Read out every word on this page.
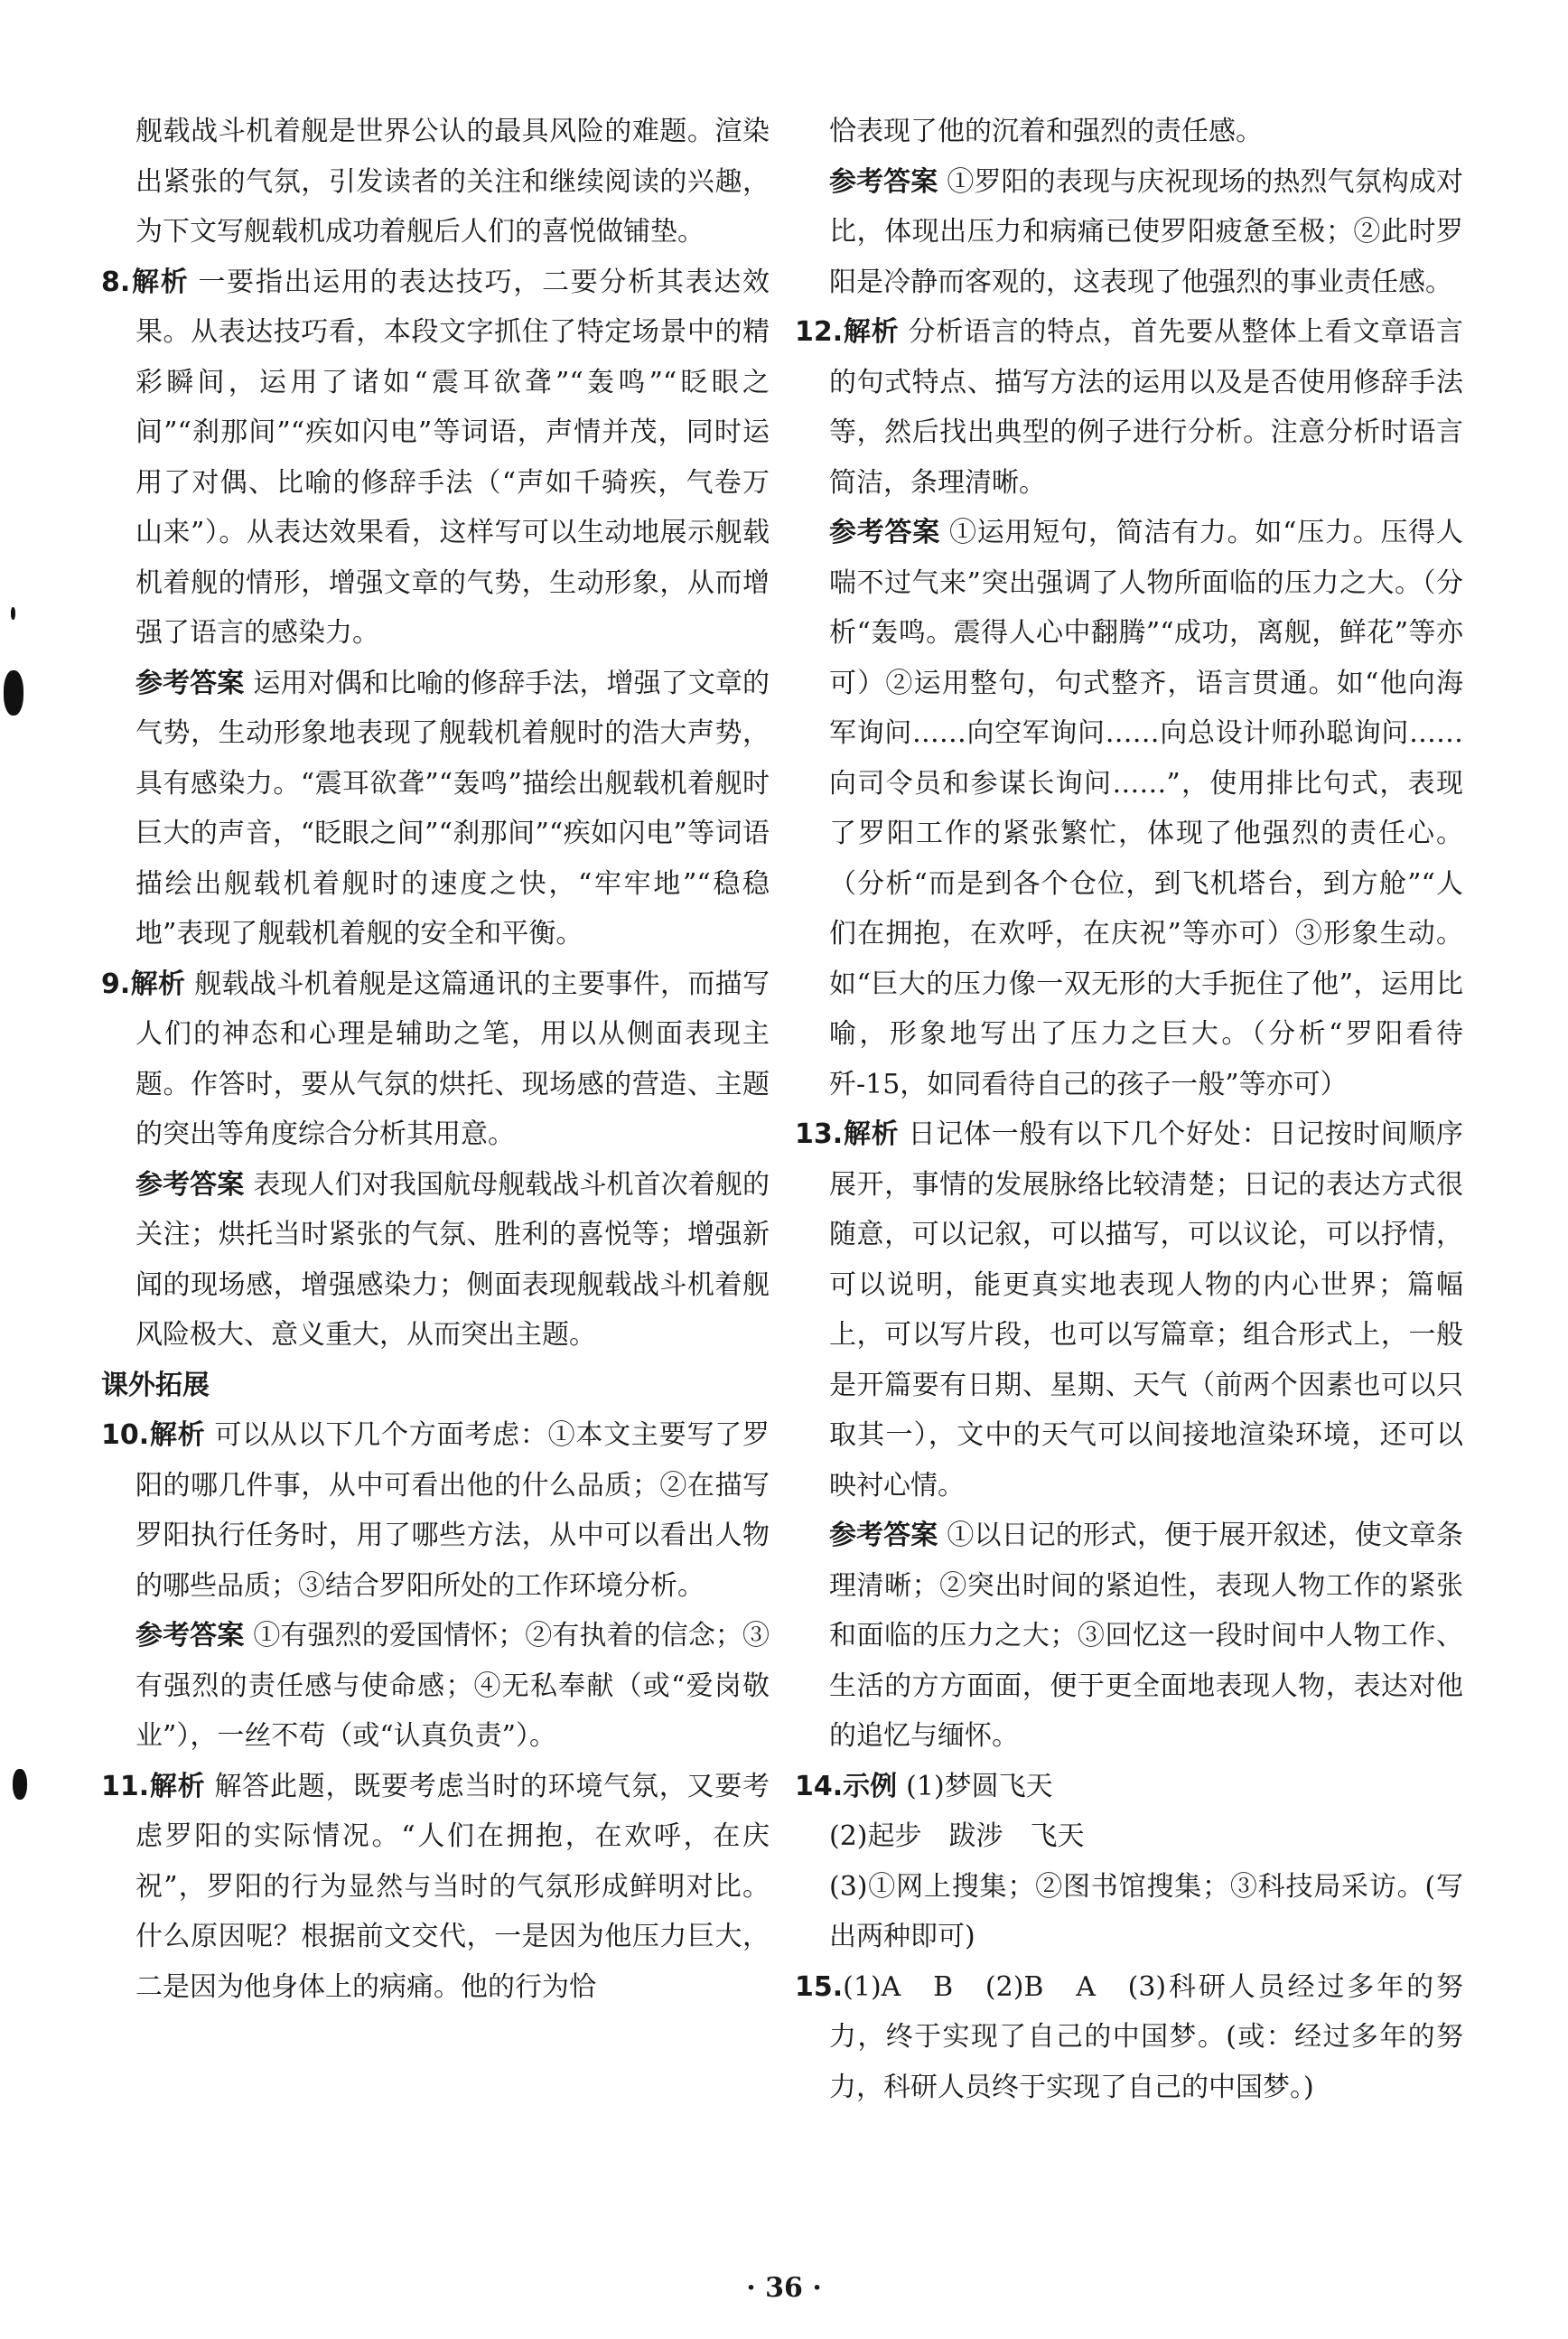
舰载战斗机着舰是世界公认的最具风险的难题。渲染出紧张的气氛，引发读者的关注和继续阅读的兴趣，为下文写舰载机成功着舰后人们的喜悦做铺垫。

8.解析 一要指出运用的表达技巧，二要分析其表达效果。从表达技巧看，本段文字抓住了特定场景中的精彩瞬间，运用了诸如“震耳欲聋”“轰鸣”“眨眼之间”“刹那间”“疾如闪电”等词语，声情并茂，同时运用了对偶、比喻的修辞手法（“声如千骑疾，气卷万山来”）。从表达效果看，这样写可以生动地展示舰载机着舰的情形，增强文章的气势，生动形象，从而增强了语言的感染力。

参考答案 运用对偶和比喻的修辞手法，增强了文章的气势，生动形象地表现了舰载机着舰时的浩大声势，具有感染力。“震耳欲聋”“轰鸣”描绘出舰载机着舰时巨大的声音，“眨眼之间”“刹那间”“疾如闪电”等词语描绘出舰载机着舰时的速度之快，“牢牢地”“稳稳地”表现了舰载机着舰的安全和平衡。

9.解析 舰载战斗机着舰是这篇通讯的主要事件，而描写人们的神态和心理是辅助之笔，用以从侧面表现主题。作答时，要从气氛的烘托、现场感的营造、主题的突出等角度综合分析其用意。

参考答案 表现人们对我国航母舰载战斗机首次着舰的关注；烘托当时紧张的气氛、胜利的喜悦等；增强新闻的现场感，增强感染力；侧面表现舰载战斗机着舰风险极大、意义重大，从而突出主题。

课外拓展

10.解析 可以从以下几个方面考虑：①本文主要写了罗阳的哪几件事，从中可看出他的什么品质；②在描写罗阳执行任务时，用了哪些方法，从中可以看出人物的哪些品质；③结合罗阳所处的工作环境分析。

参考答案 ①有强烈的爱国情怀；②有执着的信念；③有强烈的责任感与使命感；④无私奉献（或“爱岗敬业”），一丝不苟（或“认真负责”）。

11.解析 解答此题，既要考虑当时的环境气氛，又要考虑罗阳的实际情况。“人们在拥抱，在欢呼，在庆祝”，罗阳的行为显然与当时的气氛形成鲜明对比。什么原因呢？根据前文交代，一是因为他压力巨大，二是因为他身体上的病痛。他的行为恰

恰表现了他的沉着和强烈的责任感。

参考答案 ①罗阳的表现与庆祝现场的热烈气氛构成对比，体现出压力和病痛已使罗阳疲惫至极；②此时罗阳是冷静而客观的，这表现了他强烈的事业责任感。

12.解析 分析语言的特点，首先要从整体上看文章语言的句式特点、描写方法的运用以及是否使用修辞手法等，然后找出典型的例子进行分析。注意分析时语言简洁，条理清晰。

参考答案 ①运用短句，简洁有力。如“压力。压得人喘不过气来”突出强调了人物所面临的压力之大。（分析“轰鸣。震得人心中翻腾”“成功，离舰，鲜花”等亦可）②运用整句，句式整齐，语言贯通。如“他向海军询问……向空军询问……向总设计师孙聪询问……向司令员和参谋长询问……”，使用排比句式，表现了罗阳工作的紧张繁忙，体现了他强烈的责任心。（分析“而是到各个仓位，到飞机塔台，到方舱”“人们在拥抱，在欢呼，在庆祝”等亦可）③形象生动。如“巨大的压力像一双无形的大手扼住了他”，运用比喻，形象地写出了压力之巨大。（分析“罗阳看待歼-15，如同看待自己的孩子一般”等亦可）

13.解析 日记体一般有以下几个好处：日记按时间顺序展开，事情的发展脉络比较清楚；日记的表达方式很随意，可以记叙，可以描写，可以议论，可以抒情，可以说明，能更真实地表现人物的内心世界；篇幅上，可以写片段，也可以写篇章；组合形式上，一般是开篇要有日期、星期、天气（前两个因素也可以只取其一），文中的天气可以间接地渲染环境，还可以映衬心情。

参考答案 ①以日记的形式，便于展开叙述，使文章条理清晰；②突出时间的紧迫性，表现人物工作的紧张和面临的压力之大；③回忆这一段时间中人物工作、生活的方方面面，便于更全面地表现人物，表达对他的追忆与缅怀。

14.示例 (1)梦圆飞天

(2)起步　跋涉　飞天

(3)①网上搜集；②图书馆搜集；③科技局采访。(写出两种即可)

15.(1)A　B　(2)B　A　(3)科研人员经过多年的努力，终于实现了自己的中国梦。(或：经过多年的努力，科研人员终于实现了自己的中国梦。)

· 36 ·
